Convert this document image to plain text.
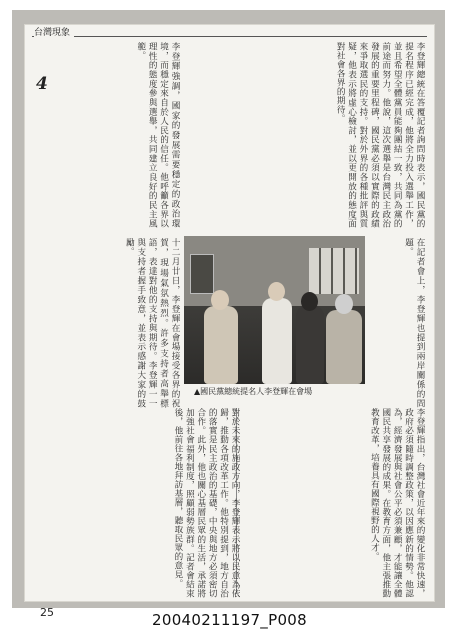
台灣現象
4	李登輝總統在答覆記者詢問時表示，國民黨的提名程序已經完成，他將全力投入選舉工作，並且希望全體黨員能夠團結一致，共同為黨的前途而努力。他說，這次選舉是台灣民主政治發展的重要里程碑，國民黨必須以實際的政績來爭取選民的支持。對於外界的各種批評與質疑，他表示將虛心檢討，並以更開放的態度面對社會各界的期待。
李登輝強調，國家的發展需要穩定的政治環境，而穩定來自於人民的信任。他呼籲各界以理性的態度參與選舉，共同建立良好的民主風範。
在記者會上，李登輝也提到兩岸關係的問題。
十二月廿日，李登輝在會場接受各界的祝賀，現場氣氛熱烈。許多支持者高舉標語，表達對他的支持與期待。李登輝一一與支持者握手致意，並表示感謝大家的鼓勵。
▲國民黨總統提名人李登輝在會場
李登輝指出，台灣社會近年來的變化非常快速，政府必須隨時調整政策，以因應新的情勢。他認為，經濟發展與社會公平必須兼顧，才能讓全體國民共享發展的成果。在教育方面，他主張推動教育改革，培養具有國際視野的人才。
對於未來的施政方向，李登輝表示將以民意為依歸，推動各項改革工作。他特別提到，地方自治的落實是民主政治的基礎，中央與地方必須密切合作。此外，他也關心基層民眾的生活，承諾將加強社會福利制度，照顧弱勢族群。記者會結束後，他前往各地拜訪基層，聽取民眾的意見。
25	20040211197_P008
